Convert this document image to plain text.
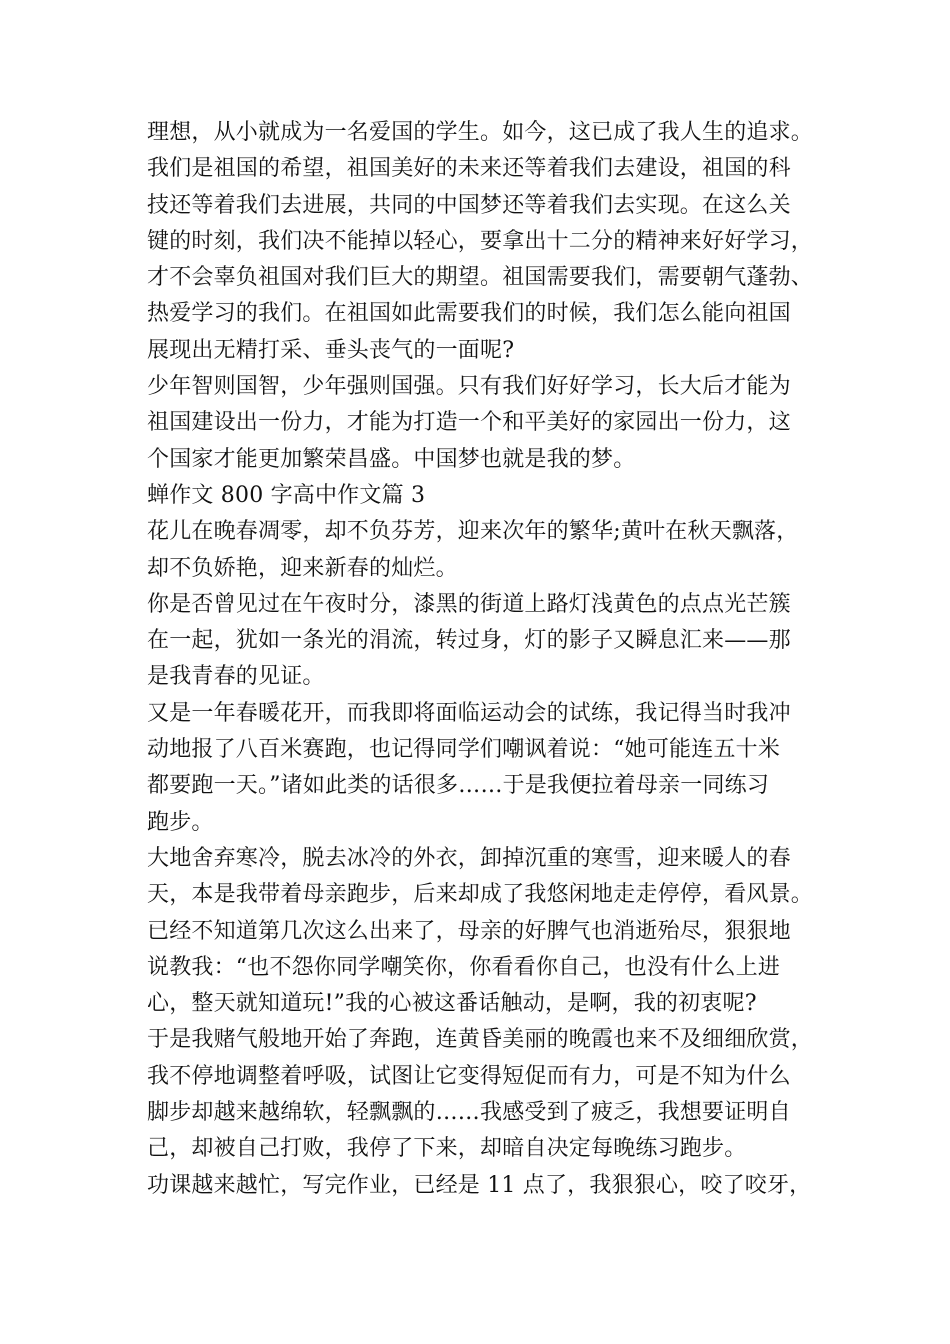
理想，从小就成为一名爱国的学生。如今，这已成了我人生的追求。
我们是祖国的希望，祖国美好的未来还等着我们去建设，祖国的科
技还等着我们去进展，共同的中国梦还等着我们去实现。在这么关
键的时刻，我们决不能掉以轻心，要拿出十二分的精神来好好学习，
才不会辜负祖国对我们巨大的期望。祖国需要我们，需要朝气蓬勃、
热爱学习的我们。在祖国如此需要我们的时候，我们怎么能向祖国
展现出无精打采、垂头丧气的一面呢?
少年智则国智，少年强则国强。只有我们好好学习，长大后才能为
祖国建设出一份力，才能为打造一个和平美好的家园出一份力，这
个国家才能更加繁荣昌盛。中国梦也就是我的梦。
蝉作文 800 字高中作文篇 3
花儿在晚春凋零，却不负芬芳，迎来次年的繁华;黄叶在秋天飘落，
却不负娇艳，迎来新春的灿烂。
你是否曾见过在午夜时分，漆黑的街道上路灯浅黄色的点点光芒簇
在一起，犹如一条光的涓流，转过身，灯的影子又瞬息汇来——那
是我青春的见证。
又是一年春暖花开，而我即将面临运动会的试练，我记得当时我冲
动地报了八百米赛跑，也记得同学们嘲讽着说：“她可能连五十米
都要跑一天。”诸如此类的话很多……于是我便拉着母亲一同练习
跑步。
大地舍弃寒冷，脱去冰冷的外衣，卸掉沉重的寒雪，迎来暖人的春
天，本是我带着母亲跑步，后来却成了我悠闲地走走停停，看风景。
已经不知道第几次这么出来了，母亲的好脾气也消逝殆尽，狠狠地
说教我：“也不怨你同学嘲笑你，你看看你自己，也没有什么上进
心，整天就知道玩!”我的心被这番话触动，是啊，我的初衷呢?
于是我赌气般地开始了奔跑，连黄昏美丽的晚霞也来不及细细欣赏，
我不停地调整着呼吸，试图让它变得短促而有力，可是不知为什么
脚步却越来越绵软，轻飘飘的……我感受到了疲乏，我想要证明自
己，却被自己打败，我停了下来，却暗自决定每晚练习跑步。
功课越来越忙，写完作业，已经是 11 点了，我狠狠心，咬了咬牙，
